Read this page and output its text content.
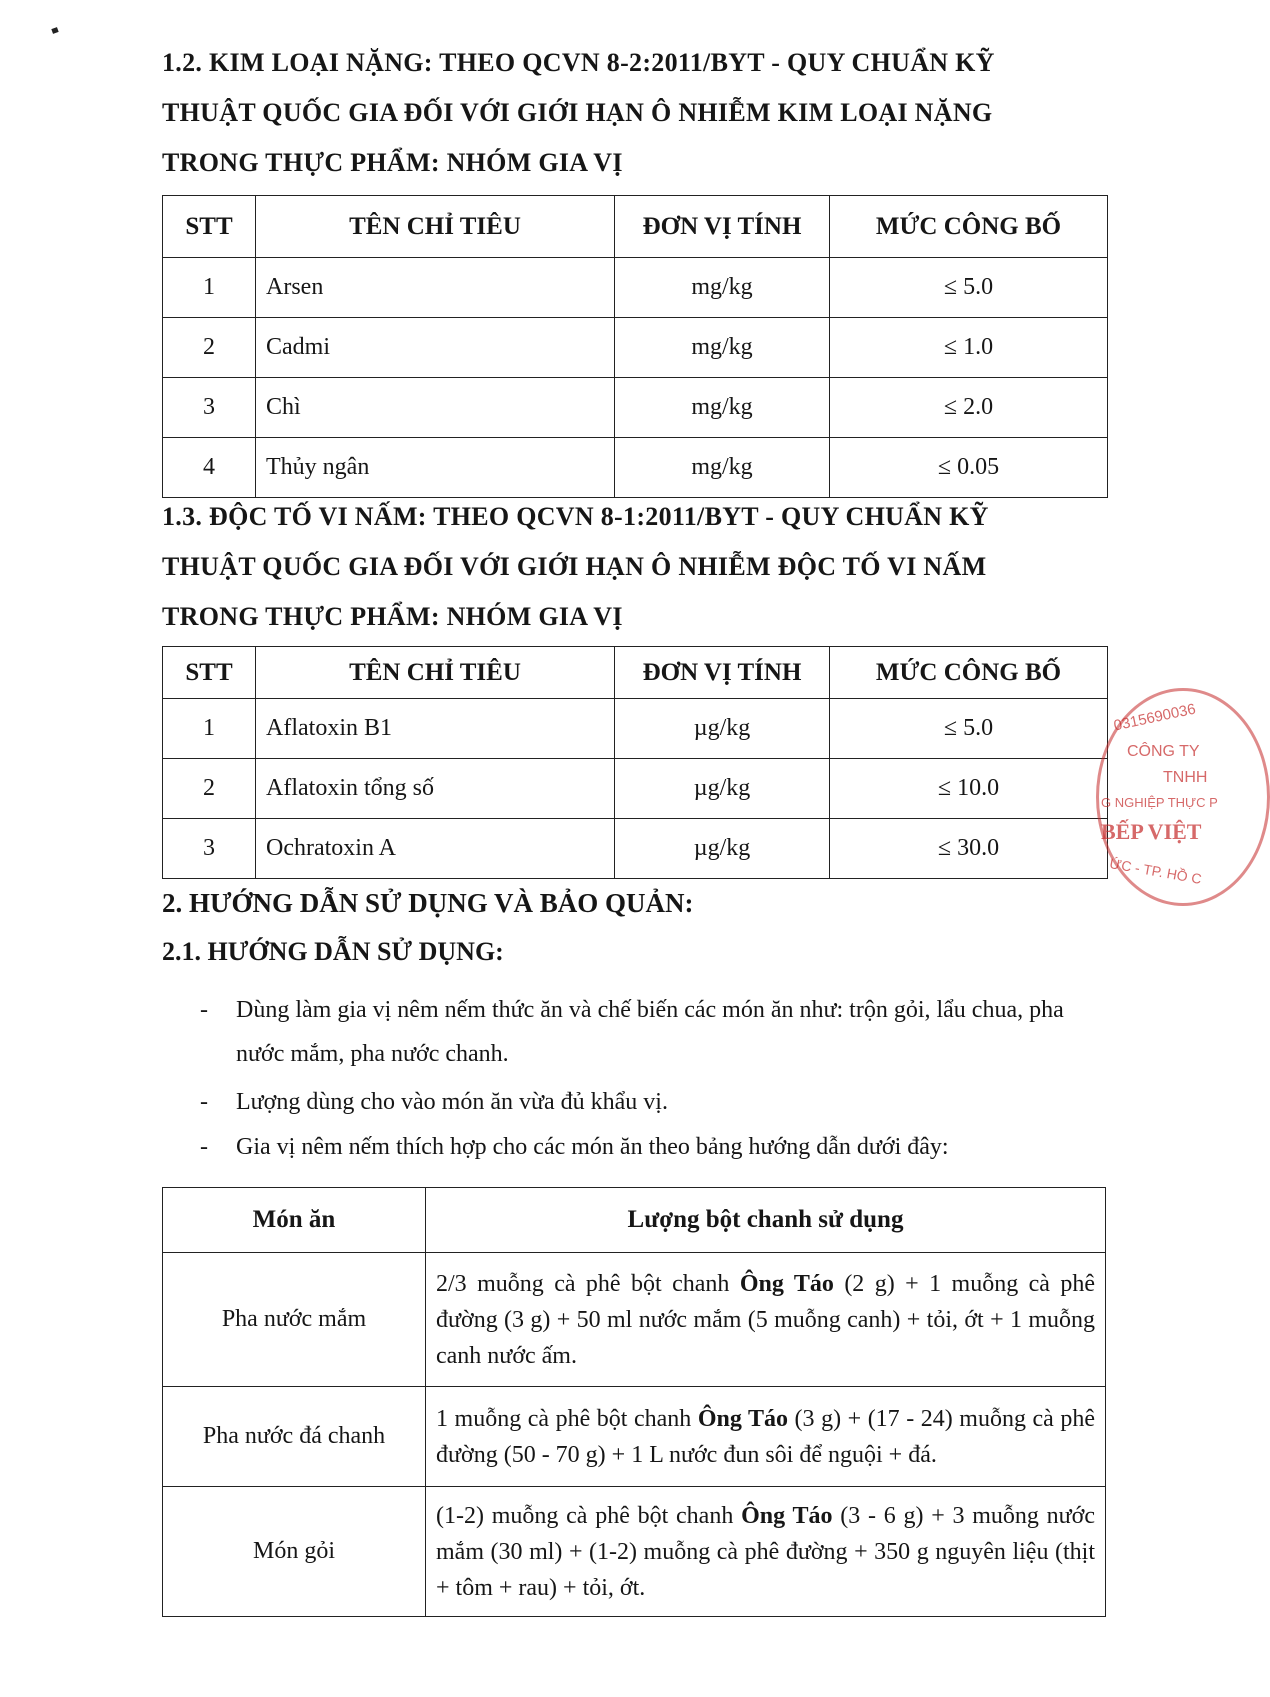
1.2. KIM LOẠI NẶNG: THEO QCVN 8-2:2011/BYT - QUY CHUẨN KỸ THUẬT QUỐC GIA ĐỐI VỚI GIỚI HẠN Ô NHIỄM KIM LOẠI NẶNG TRONG THỰC PHẨM: NHÓM GIA VỊ

STT	TÊN CHỈ TIÊU	ĐƠN VỊ TÍNH	MỨC CÔNG BỐ
1	Arsen	mg/kg	≤ 5.0
2	Cadmi	mg/kg	≤ 1.0
3	Chì	mg/kg	≤ 2.0
4	Thủy ngân	mg/kg	≤ 0.05

1.3. ĐỘC TỐ VI NẤM: THEO QCVN 8-1:2011/BYT - QUY CHUẨN KỸ THUẬT QUỐC GIA ĐỐI VỚI GIỚI HẠN Ô NHIỄM ĐỘC TỐ VI NẤM TRONG THỰC PHẨM: NHÓM GIA VỊ

STT	TÊN CHỈ TIÊU	ĐƠN VỊ TÍNH	MỨC CÔNG BỐ
1	Aflatoxin B1	µg/kg	≤ 5.0
2	Aflatoxin tổng số	µg/kg	≤ 10.0
3	Ochratoxin A	µg/kg	≤ 30.0
0315690036
CÔNG TY
TNHH
G NGHIỆP THỰC P
BẾP VIỆT
ỨC - TP. HỒ C

2. HƯỚNG DẪN SỬ DỤNG VÀ BẢO QUẢN:

2.1. HƯỚNG DẪN SỬ DỤNG:

-	Dùng làm gia vị nêm nếm thức ăn và chế biến các món ăn như: trộn gỏi, lẩu chua, pha nước mắm, pha nước chanh.
-	Lượng dùng cho vào món ăn vừa đủ khẩu vị.
-	Gia vị nêm nếm thích hợp cho các món ăn theo bảng hướng dẫn dưới đây:
Món ăn	Lượng bột chanh sử dụng
Pha nước mắm	2/3 muỗng cà phê bột chanh Ông Táo (2 g) + 1 muỗng cà phê đường (3 g) + 50 ml nước mắm (5 muỗng canh) + tỏi, ớt + 1 muỗng canh nước ấm.
Pha nước đá chanh	1 muỗng cà phê bột chanh Ông Táo (3 g) + (17 - 24) muỗng cà phê đường (50 - 70 g) + 1 L nước đun sôi để nguội + đá.
Món gỏi	(1-2) muỗng cà phê bột chanh Ông Táo (3 - 6 g) + 3 muỗng nước mắm (30 ml) + (1-2) muỗng cà phê đường + 350 g nguyên liệu (thịt + tôm + rau) + tỏi, ớt.
